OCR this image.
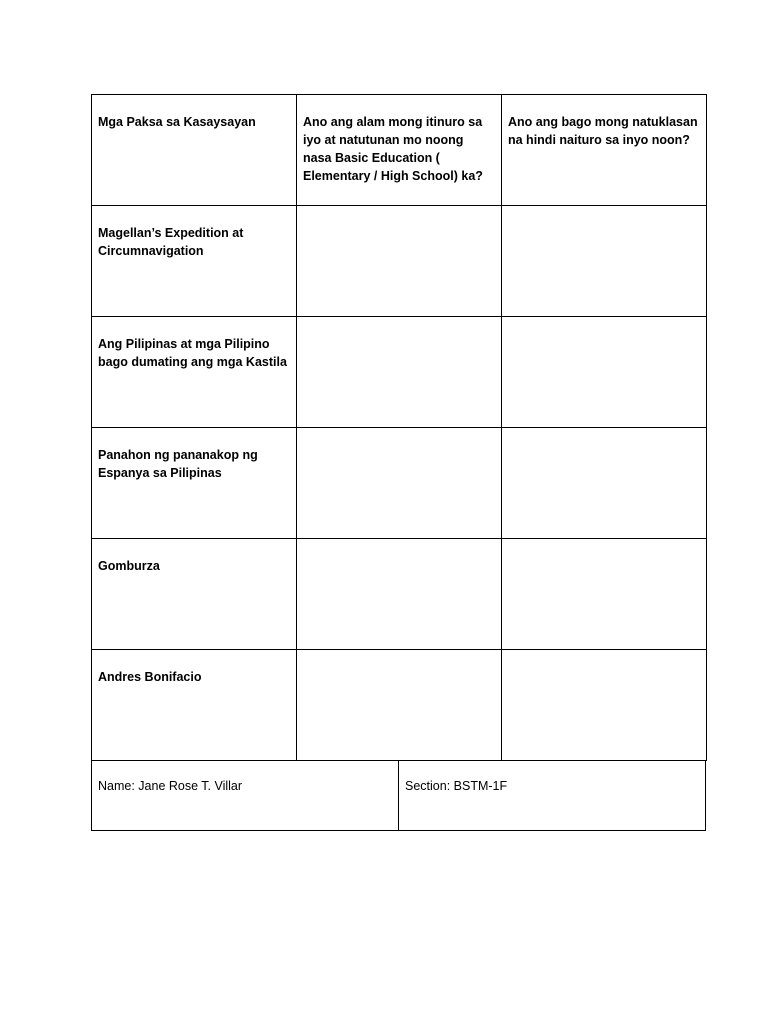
Mga Paksa sa Kasaysayan	Ano ang alam mong itinuro sa iyo at natutunan mo noong nasa Basic Education ( Elementary / High School) ka?	Ano ang bago mong natuklasan na hindi naituro sa inyo noon?

Magellan’s Expedition at Circumnavigation		

Ang Pilipinas at mga Pilipino bago dumating ang mga Kastila		

Panahon ng pananakop ng Espanya sa Pilipinas		

Gomburza		

Andres Bonifacio		

Name: Jane Rose T. Villar	Section: BSTM-1F
